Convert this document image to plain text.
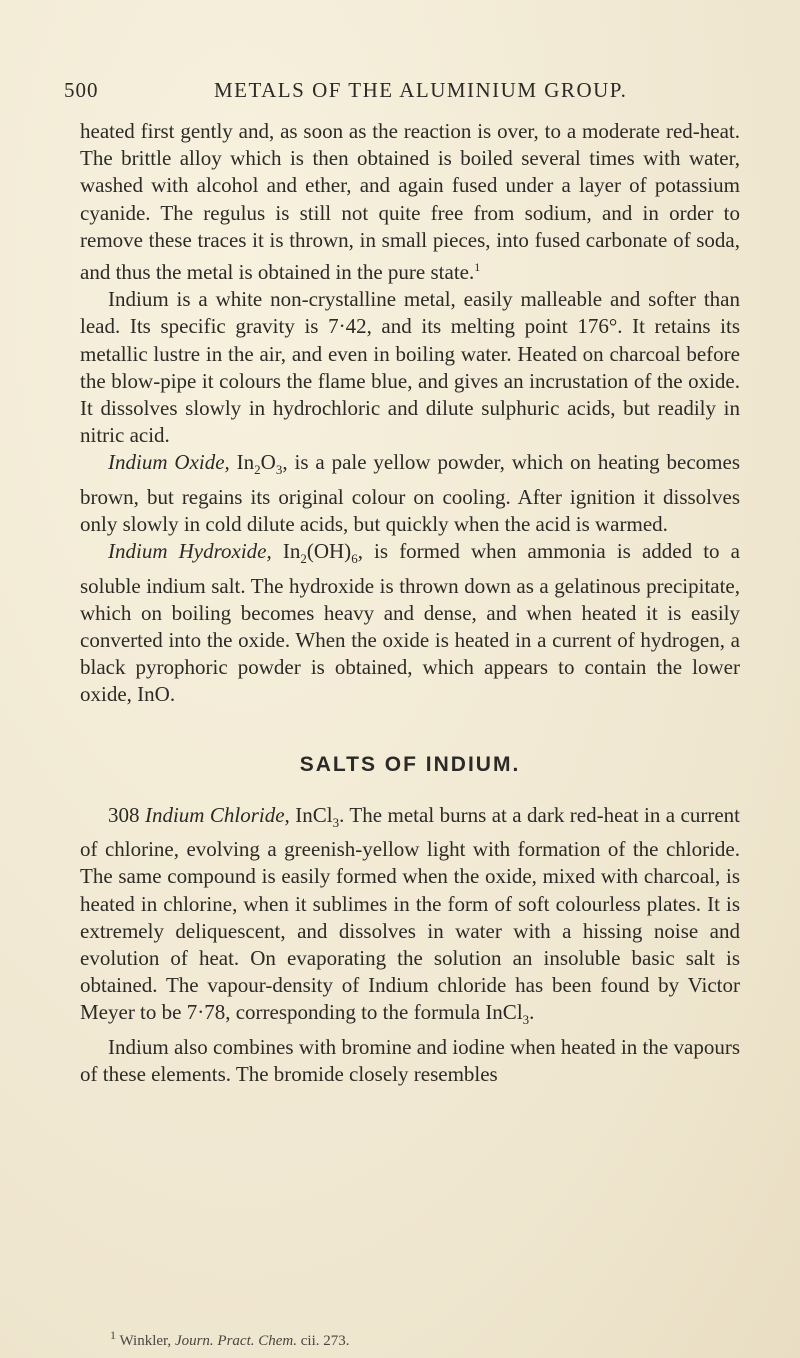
500	METALS OF THE ALUMINIUM GROUP.

heated first gently and, as soon as the reaction is over, to a moderate red-heat. The brittle alloy which is then obtained is boiled several times with water, washed with alcohol and ether, and again fused under a layer of potassium cyanide. The regulus is still not quite free from sodium, and in order to remove these traces it is thrown, in small pieces, into fused carbonate of soda, and thus the metal is obtained in the pure state.$^1$

Indium is a white non-crystalline metal, easily malleable and softer than lead. Its specific gravity is 7·42, and its melting point 176°. It retains its metallic lustre in the air, and even in boiling water. Heated on charcoal before the blow-pipe it colours the flame blue, and gives an incrustation of the oxide. It dissolves slowly in hydrochloric and dilute sulphuric acids, but readily in nitric acid.

Indium Oxide, $In_2O_3$, is a pale yellow powder, which on heating becomes brown, but regains its original colour on cooling. After ignition it dissolves only slowly in cold dilute acids, but quickly when the acid is warmed.

Indium Hydroxide, $In_2(OH)_6$, is formed when ammonia is added to a soluble indium salt. The hydroxide is thrown down as a gelatinous precipitate, which on boiling becomes heavy and dense, and when heated it is easily converted into the oxide. When the oxide is heated in a current of hydrogen, a black pyrophoric powder is obtained, which appears to contain the lower oxide, InO.

SALTS OF INDIUM.

308 Indium Chloride, InCl$_3$. The metal burns at a dark red-heat in a current of chlorine, evolving a greenish-yellow light with formation of the chloride. The same compound is easily formed when the oxide, mixed with charcoal, is heated in chlorine, when it sublimes in the form of soft colourless plates. It is extremely deliquescent, and dissolves in water with a hissing noise and evolution of heat. On evaporating the solution an insoluble basic salt is obtained. The vapour-density of Indium chloride has been found by Victor Meyer to be 7·78, corresponding to the formula InCl$_3$.

Indium also combines with bromine and iodine when heated in the vapours of these elements. The bromide closely resembles

$^1$ Winkler, Journ. Pract. Chem. cii. 273.
